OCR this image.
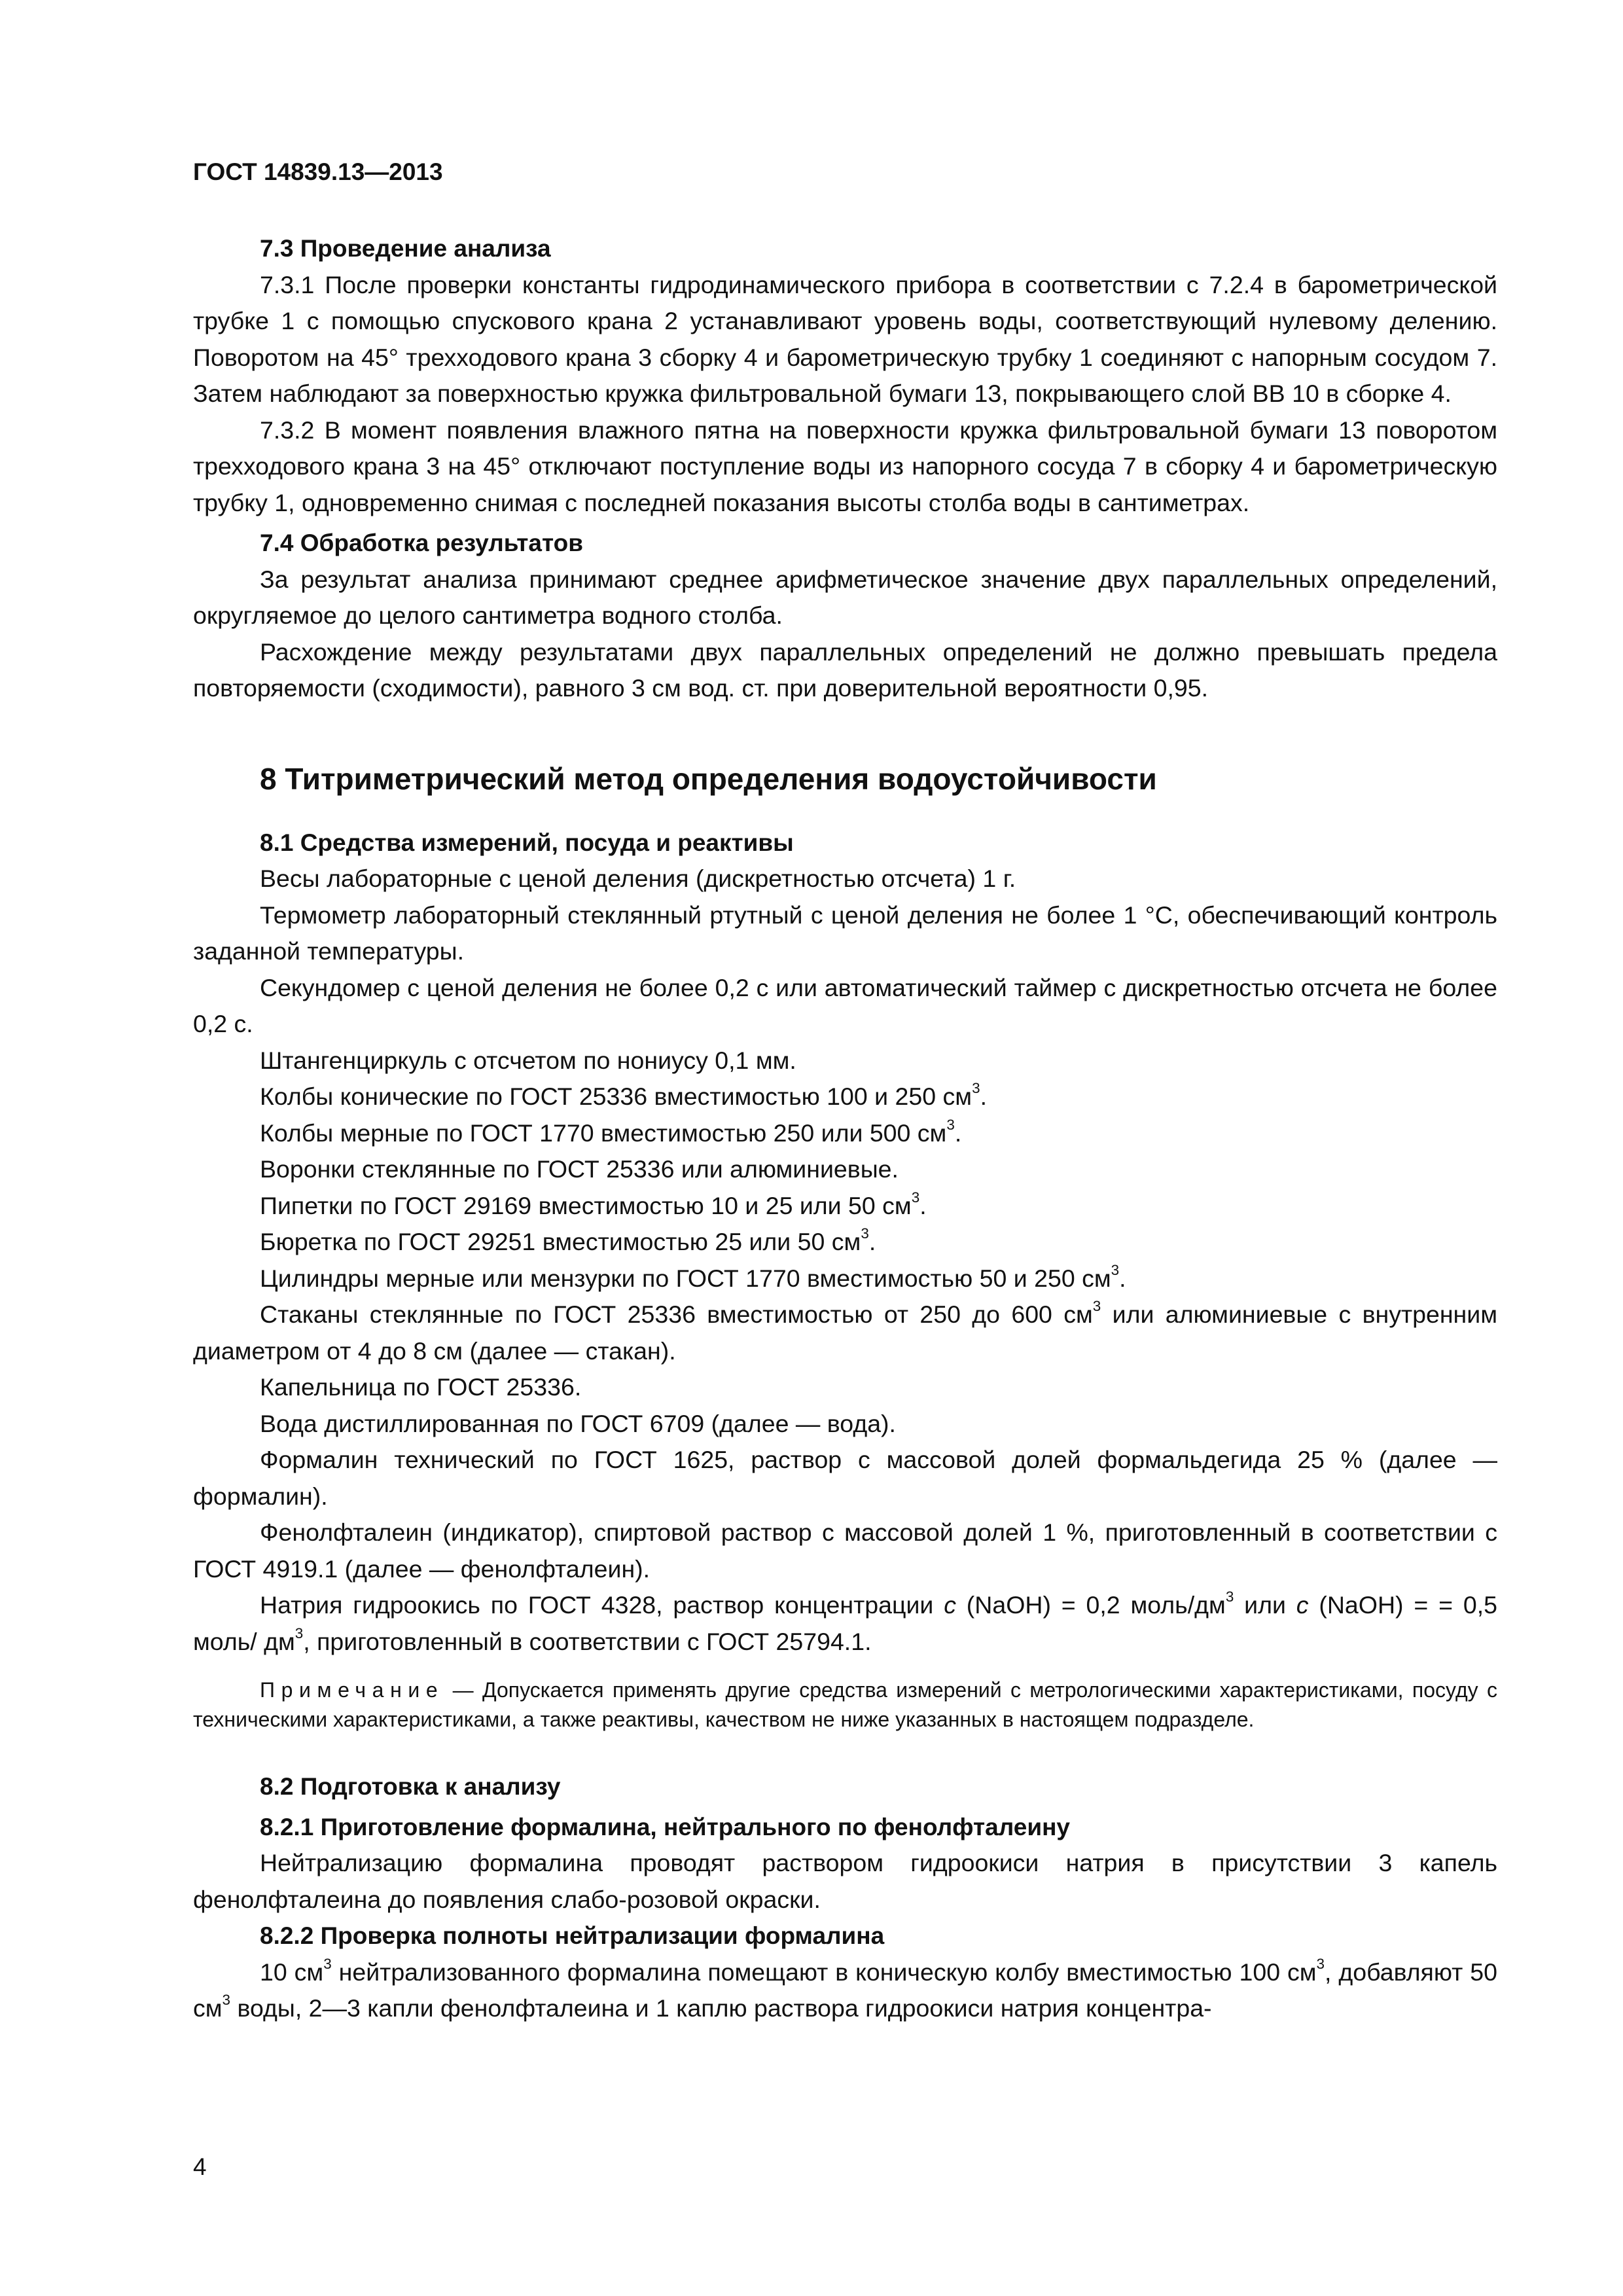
ГОСТ 14839.13—2013
7.3 Проведение анализа

7.3.1 После проверки константы гидродинамического прибора в соответствии с 7.2.4 в барометрической трубке 1 с помощью спускового крана 2 устанавливают уровень воды, соответствующий нулевому делению. Поворотом на 45° трехходового крана 3 сборку 4 и барометрическую трубку 1 соединяют с напорным сосудом 7. Затем наблюдают за поверхностью кружка фильтровальной бумаги 13, покрывающего слой ВВ 10 в сборке 4.

7.3.2 В момент появления влажного пятна на поверхности кружка фильтровальной бумаги 13 поворотом трехходового крана 3 на 45° отключают поступление воды из напорного сосуда 7 в сборку 4 и барометрическую трубку 1, одновременно снимая с последней показания высоты столба воды в сантиметрах.

7.4 Обработка результатов

За результат анализа принимают среднее арифметическое значение двух параллельных определений, округляемое до целого сантиметра водного столба.

Расхождение между результатами двух параллельных определений не должно превышать предела повторяемости (сходимости), равного 3 см вод. ст. при доверительной вероятности 0,95.

8 Титриметрический метод определения водоустойчивости
8.1 Средства измерений, посуда и реактивы

Весы лабораторные с ценой деления (дискретностью отсчета) 1 г.

Термометр лабораторный стеклянный ртутный с ценой деления не более 1 °С, обеспечивающий контроль заданной температуры.

Секундомер с ценой деления не более 0,2 с или автоматический таймер с дискретностью отсчета не более 0,2 с.

Штангенциркуль с отсчетом по нониусу 0,1 мм.

Колбы конические по ГОСТ 25336 вместимостью 100 и 250 $см^3$.

Колбы мерные по ГОСТ 1770 вместимостью 250 или 500 $см^3$.

Воронки стеклянные по ГОСТ 25336 или алюминиевые.

Пипетки по ГОСТ 29169 вместимостью 10 и 25 или 50 $см^3$.

Бюретка по ГОСТ 29251 вместимостью 25 или 50 $см^3$.

Цилиндры мерные или мензурки по ГОСТ 1770 вместимостью 50 и 250 $см^3$.

Стаканы стеклянные по ГОСТ 25336 вместимостью от 250 до 600 $см^3$ или алюминиевые с внутренним диаметром от 4 до 8 см (далее — стакан).

Капельница по ГОСТ 25336.

Вода дистиллированная по ГОСТ 6709 (далее — вода).

Формалин технический по ГОСТ 1625, раствор с массовой долей формальдегида 25 % (далее — формалин).

Фенолфталеин (индикатор), спиртовой раствор с массовой долей 1 %, приготовленный в соответствии с ГОСТ 4919.1 (далее — фенолфталеин).

Натрия гидроокись по ГОСТ 4328, раствор концентрации с (NaOH) = 0,2 моль/$дм^3$ или с (NaOH) = = 0,5 моль/ $дм^3$, приготовленный в соответствии с ГОСТ 25794.1.

Примечание — Допускается применять другие средства измерений с метрологическими характеристиками, посуду с техническими характеристиками, а также реактивы, качеством не ниже указанных в настоящем подразделе.
8.2 Подготовка к анализу
8.2.1 Приготовление формалина, нейтрального по фенолфталеину

Нейтрализацию формалина проводят раствором гидроокиси натрия в присутствии 3 капель фенолфталеина до появления слабо-розовой окраски.

8.2.2 Проверка полноты нейтрализации формалина

10 $см^3$ нейтрализованного формалина помещают в коническую колбу вместимостью 100 $см^3$, добавляют 50 $см^3$ воды, 2—3 капли фенолфталеина и 1 каплю раствора гидроокиси натрия концентра-

4
